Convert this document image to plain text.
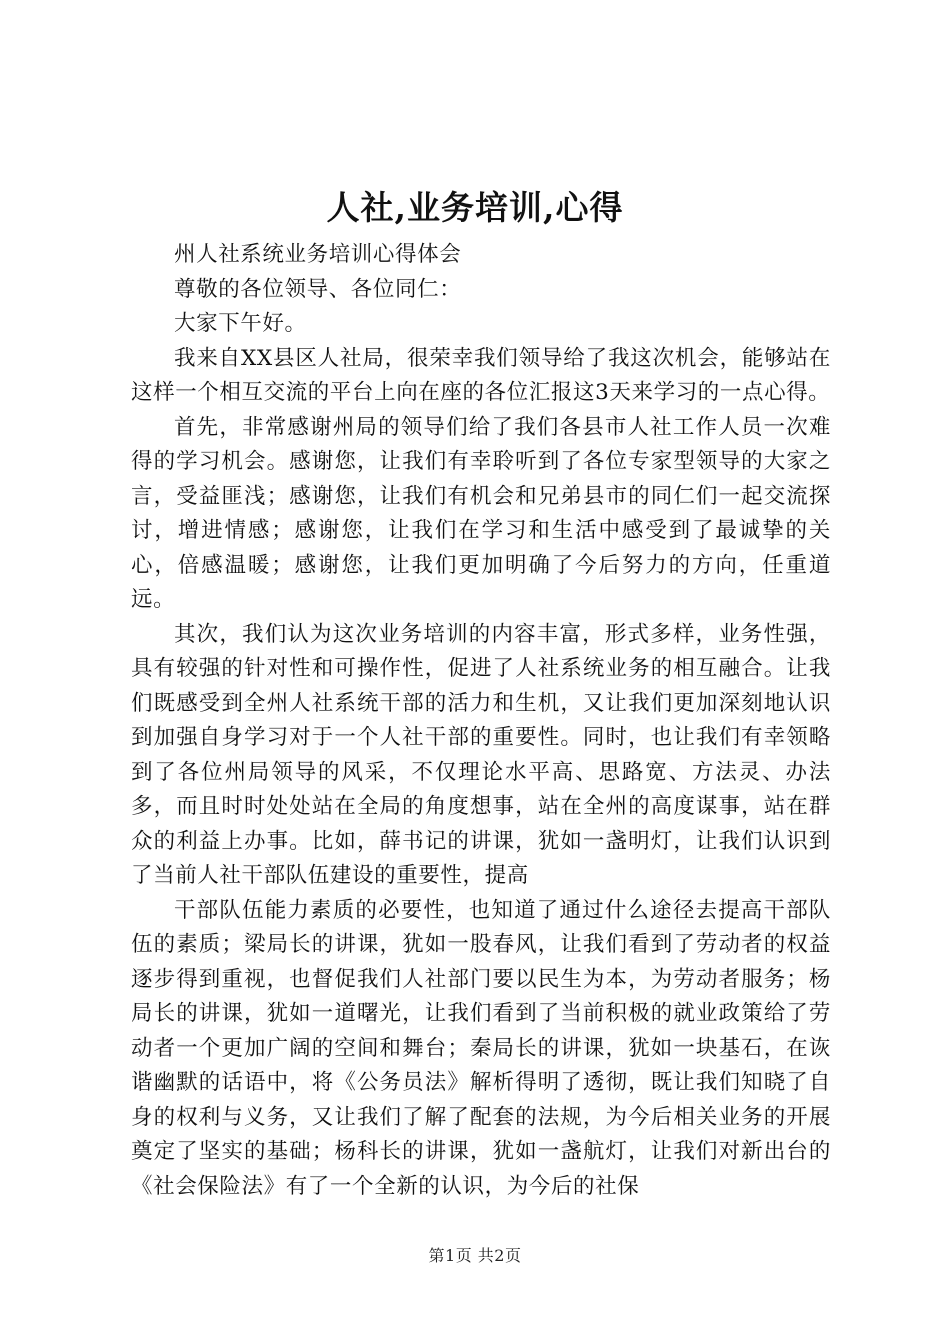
人社,业务培训,心得

州人社系统业务培训心得体会

尊敬的各位领导、各位同仁：

大家下午好。

我来自XX县区人社局，很荣幸我们领导给了我这次机会，能够站在这样一个相互交流的平台上向在座的各位汇报这3天来学习的一点心得。

首先，非常感谢州局的领导们给了我们各县市人社工作人员一次难得的学习机会。感谢您，让我们有幸聆听到了各位专家型领导的大家之言，受益匪浅；感谢您，让我们有机会和兄弟县市的同仁们一起交流探讨，增进情感；感谢您，让我们在学习和生活中感受到了最诚挚的关心，倍感温暖；感谢您，让我们更加明确了今后努力的方向，任重道远。

其次，我们认为这次业务培训的内容丰富，形式多样，业务性强，具有较强的针对性和可操作性，促进了人社系统业务的相互融合。让我们既感受到全州人社系统干部的活力和生机，又让我们更加深刻地认识到加强自身学习对于一个人社干部的重要性。同时，也让我们有幸领略到了各位州局领导的风采，不仅理论水平高、思路宽、方法灵、办法多，而且时时处处站在全局的角度想事，站在全州的高度谋事，站在群众的利益上办事。比如，薛书记的讲课，犹如一盏明灯，让我们认识到了当前人社干部队伍建设的重要性，提高

干部队伍能力素质的必要性，也知道了通过什么途径去提高干部队伍的素质；梁局长的讲课，犹如一股春风，让我们看到了劳动者的权益逐步得到重视，也督促我们人社部门要以民生为本，为劳动者服务；杨局长的讲课，犹如一道曙光，让我们看到了当前积极的就业政策给了劳动者一个更加广阔的空间和舞台；秦局长的讲课，犹如一块基石，在诙谐幽默的话语中，将《公务员法》解析得明了透彻，既让我们知晓了自身的权利与义务，又让我们了解了配套的法规，为今后相关业务的开展奠定了坚实的基础；杨科长的讲课，犹如一盏航灯，让我们对新出台的《社会保险法》有了一个全新的认识，为今后的社保

第1页 共2页
